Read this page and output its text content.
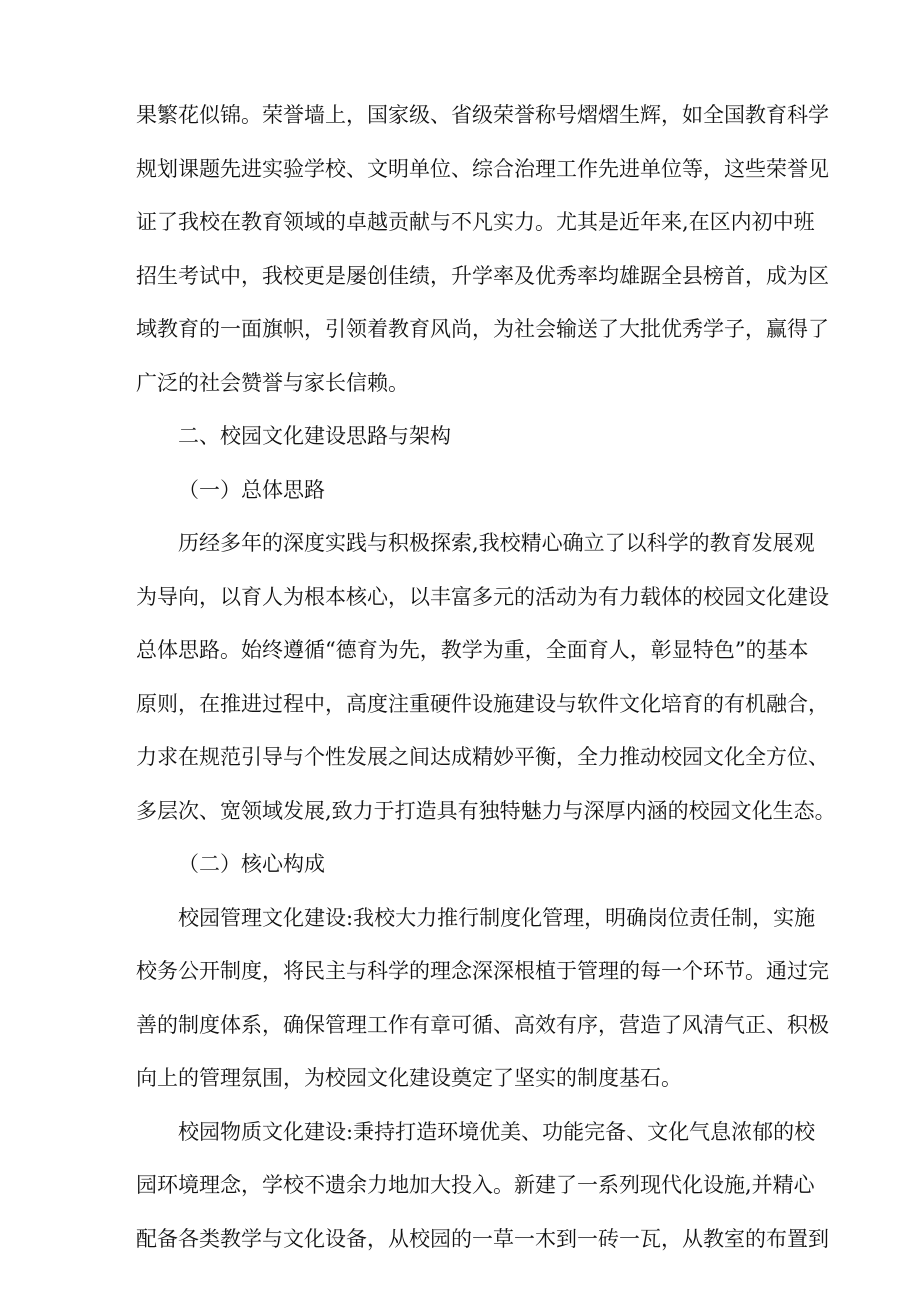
果繁花似锦。荣誉墙上，国家级、省级荣誉称号熠熠生辉，如全国教育科学
规划课题先进实验学校、文明单位、综合治理工作先进单位等，这些荣誉见
证了我校在教育领域的卓越贡献与不凡实力。尤其是近年来,在区内初中班
招生考试中，我校更是屡创佳绩，升学率及优秀率均雄踞全县榜首，成为区
域教育的一面旗帜，引领着教育风尚，为社会输送了大批优秀学子，赢得了
广泛的社会赞誉与家长信赖。
二、校园文化建设思路与架构
（一）总体思路
历经多年的深度实践与积极探索,我校精心确立了以科学的教育发展观
为导向，以育人为根本核心，以丰富多元的活动为有力载体的校园文化建设
总体思路。始终遵循“德育为先，教学为重，全面育人，彰显特色”的基本
原则，在推进过程中，高度注重硬件设施建设与软件文化培育的有机融合，
力求在规范引导与个性发展之间达成精妙平衡，全力推动校园文化全方位、
多层次、宽领域发展,致力于打造具有独特魅力与深厚内涵的校园文化生态。
（二）核心构成
校园管理文化建设:我校大力推行制度化管理，明确岗位责任制，实施
校务公开制度，将民主与科学的理念深深根植于管理的每一个环节。通过完
善的制度体系，确保管理工作有章可循、高效有序，营造了风清气正、积极
向上的管理氛围，为校园文化建设奠定了坚实的制度基石。
校园物质文化建设:秉持打造环境优美、功能完备、文化气息浓郁的校
园环境理念，学校不遗余力地加大投入。新建了一系列现代化设施,并精心
配备各类教学与文化设备，从校园的一草一木到一砖一瓦，从教室的布置到
